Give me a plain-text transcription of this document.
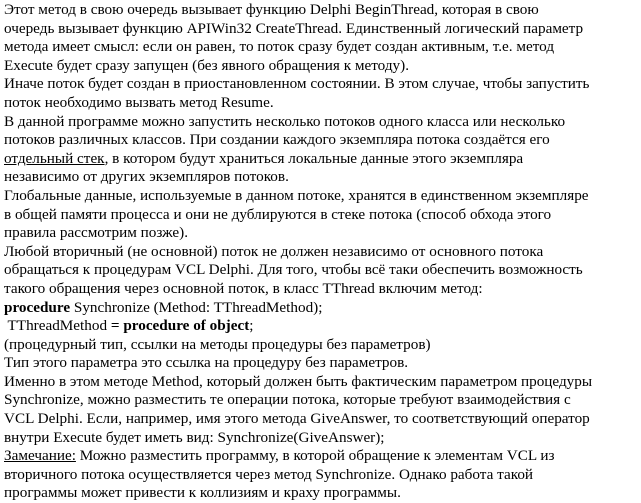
Этот метод в свою очередь вызывает функцию Delphi BeginThread, которая в свою
очередь вызывает функцию APIWin32 CreateThread. Единственный логический параметр
метода имеет смысл: если он равен, то поток сразу будет создан активным, т.е. метод
Execute будет сразу запущен (без явного обращения к методу).
Иначе поток будет создан в приостановленном состоянии. В этом случае, чтобы запустить
поток необходимо вызвать метод Resume.
В данной программе можно запустить несколько потоков одного класса или несколько
потоков различных классов. При создании каждого экземпляра потока создаётся его
отдельный стек, в котором будут храниться локальные данные этого экземпляра
независимо от других экземпляров потоков.
Глобальные данные, используемые в данном потоке, хранятся в единственном экземпляре
в общей памяти процесса и они не дублируются в стеке потока (способ обхода этого
правила рассмотрим позже).
Любой вторичный (не основной) поток не должен независимо от основного потока
обращаться к процедурам VCL Delphi. Для того, чтобы всё таки обеспечить возможность
такого обращения через основной поток, в класс TThread включим метод:
procedure Synchronize (Method: TThreadMethod);
TThreadMethod = procedure of object;
(процедурный тип, ссылки на методы процедуры без параметров)
Тип этого параметра это ссылка на процедуру без параметров.
Именно в этом методе Method, который должен быть фактическим параметром процедуры
Synchronize, можно разместить те операции потока, которые требуют взаимодействия с
VCL Delphi. Если, например, имя этого метода GiveAnswer, то соответствующий оператор
внутри Execute будет иметь вид: Synchronize(GiveAnswer);
Замечание: Можно разместить программу, в которой обращение к элементам VCL из
вторичного потока осуществляется через метод Synchronize. Однако работа такой
программы может привести к коллизиям и краху программы.
